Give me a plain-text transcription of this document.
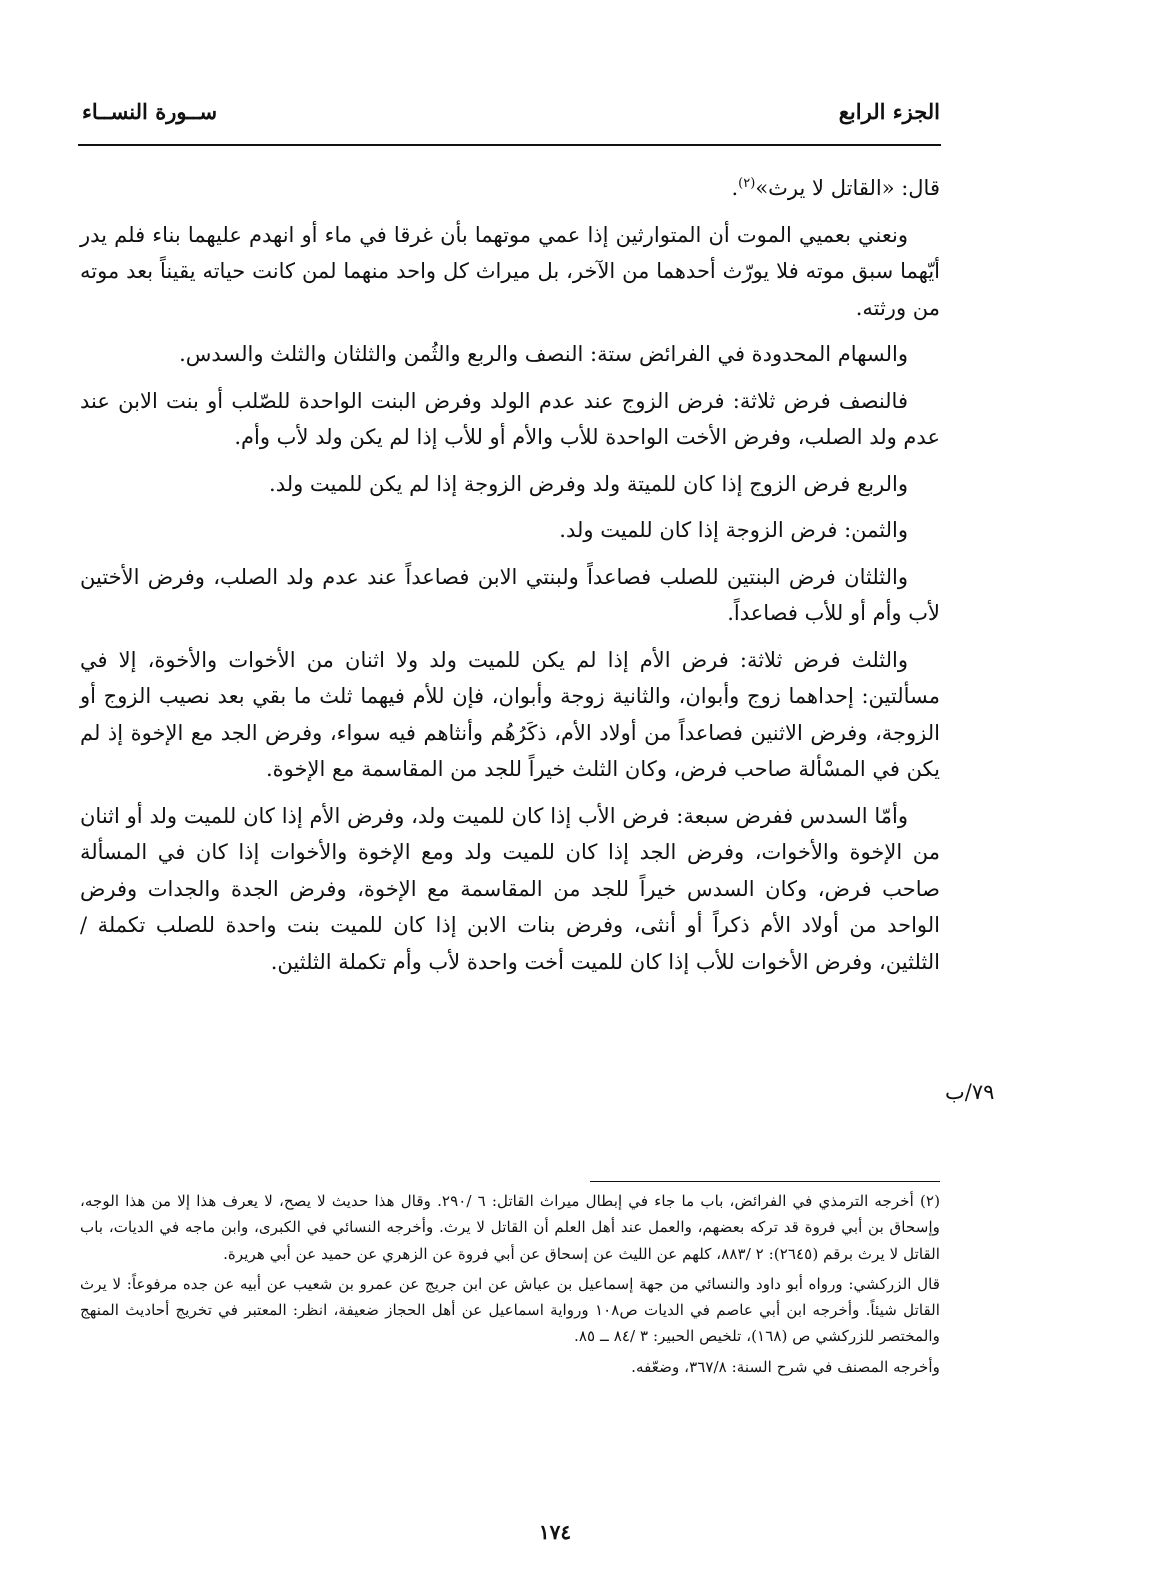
الجزء الرابع
ســورة النســاء

قال: «القاتل لا يرث»$^{(٢)}$.

ونعني بعميي الموت أن المتوارثين إذا عمي موتهما بأن غرقا في ماء أو انهدم عليهما بناء فلم يدر أيّهما سبق موته فلا يورّث أحدهما من الآخر، بل ميراث كل واحد منهما لمن كانت حياته يقيناً بعد موته من ورثته.

والسهام المحدودة في الفرائض ستة: النصف والربع والثُمن والثلثان والثلث والسدس.

فالنصف فرض ثلاثة: فرض الزوج عند عدم الولد وفرض البنت الواحدة للصّلب أو بنت الابن عند عدم ولد الصلب، وفرض الأخت الواحدة للأب والأم أو للأب إذا لم يكن ولد لأب وأم.

والربع فرض الزوج إذا كان للميتة ولد وفرض الزوجة إذا لم يكن للميت ولد.

والثمن: فرض الزوجة إذا كان للميت ولد.

والثلثان فرض البنتين للصلب فصاعداً ولبنتي الابن فصاعداً عند عدم ولد الصلب، وفرض الأختين لأب وأم أو للأب فصاعداً.

والثلث فرض ثلاثة: فرض الأم إذا لم يكن للميت ولد ولا اثنان من الأخوات والأخوة، إلا في مسألتين: إحداهما زوج وأبوان، والثانية زوجة وأبوان، فإن للأم فيهما ثلث ما بقي بعد نصيب الزوج أو الزوجة، وفرض الاثنين فصاعداً من أولاد الأم، ذكَرُهُم وأنثاهم فيه سواء، وفرض الجد مع الإخوة إذ لم يكن في المسْألة صاحب فرض، وكان الثلث خيراً للجد من المقاسمة مع الإخوة.

وأمّا السدس ففرض سبعة: فرض الأب إذا كان للميت ولد، وفرض الأم إذا كان للميت ولد أو اثنان من الإخوة والأخوات، وفرض الجد إذا كان للميت ولد ومع الإخوة والأخوات إذا كان في المسألة صاحب فرض، وكان السدس خيراً للجد من المقاسمة مع الإخوة، وفرض الجدة والجدات وفرض الواحد من أولاد الأم ذكراً أو أنثى، وفرض بنات الابن إذا كان للميت بنت واحدة للصلب تكملة / الثلثين، وفرض الأخوات للأب إذا كان للميت أخت واحدة لأب وأم تكملة الثلثين.

٧٩/ب

(٢) أخرجه الترمذي في الفرائض، باب ما جاء في إبطال ميراث القاتل: ٦ /٢٩٠. وقال هذا حديث لا يصح، لا يعرف هذا إلا من هذا الوجه، وإسحاق بن أبي فروة قد تركه بعضهم، والعمل عند أهل العلم أن القاتل لا يرث. وأخرجه النسائي في الكبرى، وابن ماجه في الديات، باب القاتل لا يرث برقم (٢٦٤٥): ٢ /٨٨٣، كلهم عن الليث عن إسحاق عن أبي فروة عن الزهري عن حميد عن أبي هريرة.

قال الزركشي: ورواه أبو داود والنسائي من جهة إسماعيل بن عياش عن ابن جريج عن عمرو بن شعيب عن أبيه عن جده مرفوعاً: لا يرث القاتل شيئاً. وأخرجه ابن أبي عاصم في الديات ص١٠٨ ورواية اسماعيل عن أهل الحجاز ضعيفة، انظر: المعتبر في تخريج أحاديث المنهج والمختصر للزركشي ص (١٦٨)، تلخيص الحبير: ٣ /٨٤ ــ ٨٥.

وأخرجه المصنف في شرح السنة: ٣٦٧/٨، وضعّفه.

١٧٤
